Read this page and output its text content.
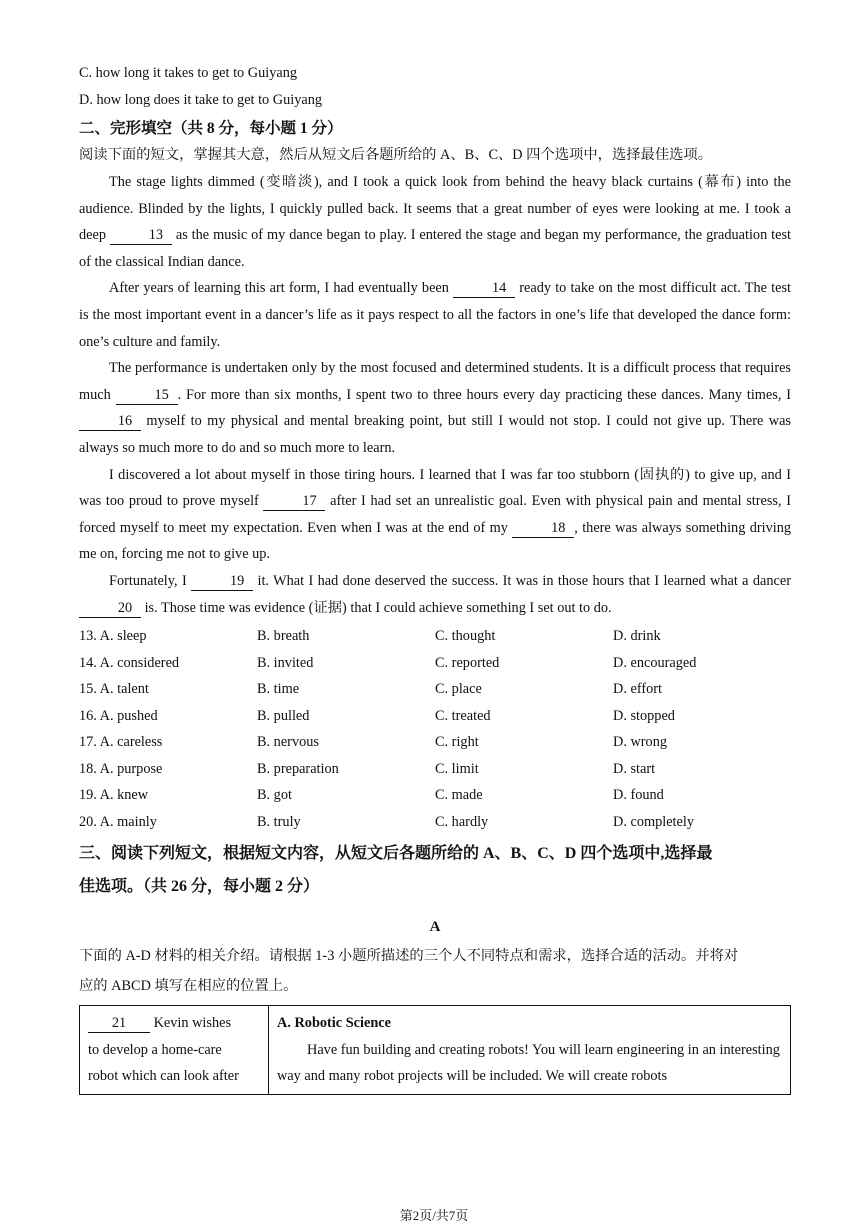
C. how long it takes to get to Guiyang
D. how long does it take to get to Guiyang
二、完形填空（共 8 分，每小题 1 分）
阅读下面的短文，掌握其大意，然后从短文后各题所给的 A、B、C、D 四个选项中，选择最佳选项。

The stage lights dimmed (变暗淡), and I took a quick look from behind the heavy black curtains (幕布) into the audience. Blinded by the lights, I quickly pulled back. It seems that a great number of eyes were looking at me. I took a deep	13 as the music of my dance began to play. I entered the stage and began my performance, the graduation test of the classical Indian dance.

After years of learning this art form, I had eventually been	14 ready to take on the most difficult act. The test is the most important event in a dancer’s life as it pays respect to all the factors in one’s life that developed the dance form: one’s culture and family.

The performance is undertaken only by the most focused and determined students. It is a difficult process that requires much	15 . For more than six months, I spent two to three hours every day practicing these dances. Many times, I 16 myself to my physical and mental breaking point, but still I would not stop. I could not give up. There was always so much more to do and so much more to learn.

I discovered a lot about myself in those tiring hours. I learned that I was far too stubborn (固执的) to give up, and I was too proud to prove myself	17 after I had set an unrealistic goal. Even with physical pain and mental stress, I forced myself to meet my expectation. Even when I was at the end of my	18 , there was always something driving me on, forcing me not to give up.

Fortunately, I	19 it. What I had done deserved the success. It was in those hours that I learned what a dancer 20 is. Those time was evidence (证据) that I could achieve something I set out to do.

13. A. sleep	B. breath	C. thought	D. drink
14. A. considered	B. invited	C. reported	D. encouraged
15. A. talent	B. time	C. place	D. effort
16. A. pushed	B. pulled	C. treated	D. stopped
17. A. careless	B. nervous	C. right	D. wrong
18. A. purpose	B. preparation	C. limit	D. start
19. A. knew	B. got	C. made	D. found
20. A. mainly	B. truly	C. hardly	D. completely
三、阅读下列短文，根据短文内容，从短文后各题所给的 A、B、C、D 四个选项中,选择最
佳选项。（共 26 分，每小题 2 分）
A
下面的 A-D 材料的相关介绍。请根据 1-3 小题所描述的三个人不同特点和需求，选择合适的活动。并将对
应的 ABCD 填写在相应的位置上。
21 Kevin wishes
to develop a home-care
robot which can look after

A. Robotic Science

Have fun building and creating robots! You will learn engineering in an interesting way and many robot projects will be included. We will create robots

第2页/共7页
